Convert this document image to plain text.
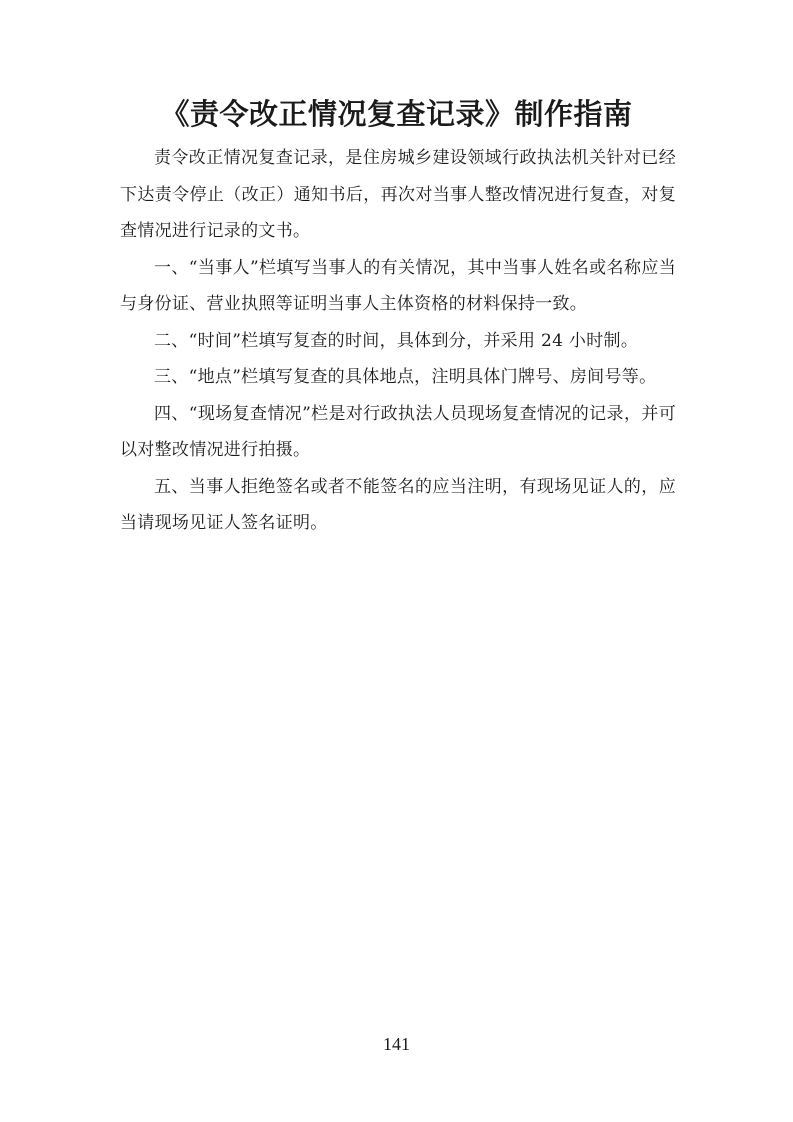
《责令改正情况复查记录》制作指南

责令改正情况复查记录，是住房城乡建设领域行政执法机关针对已经下达责令停止（改正）通知书后，再次对当事人整改情况进行复查，对复查情况进行记录的文书。

一、“当事人”栏填写当事人的有关情况，其中当事人姓名或名称应当与身份证、营业执照等证明当事人主体资格的材料保持一致。

二、“时间”栏填写复查的时间，具体到分，并采用 24 小时制。

三、“地点”栏填写复查的具体地点，注明具体门牌号、房间号等。

四、“现场复查情况”栏是对行政执法人员现场复查情况的记录，并可以对整改情况进行拍摄。

五、当事人拒绝签名或者不能签名的应当注明，有现场见证人的，应当请现场见证人签名证明。

141
